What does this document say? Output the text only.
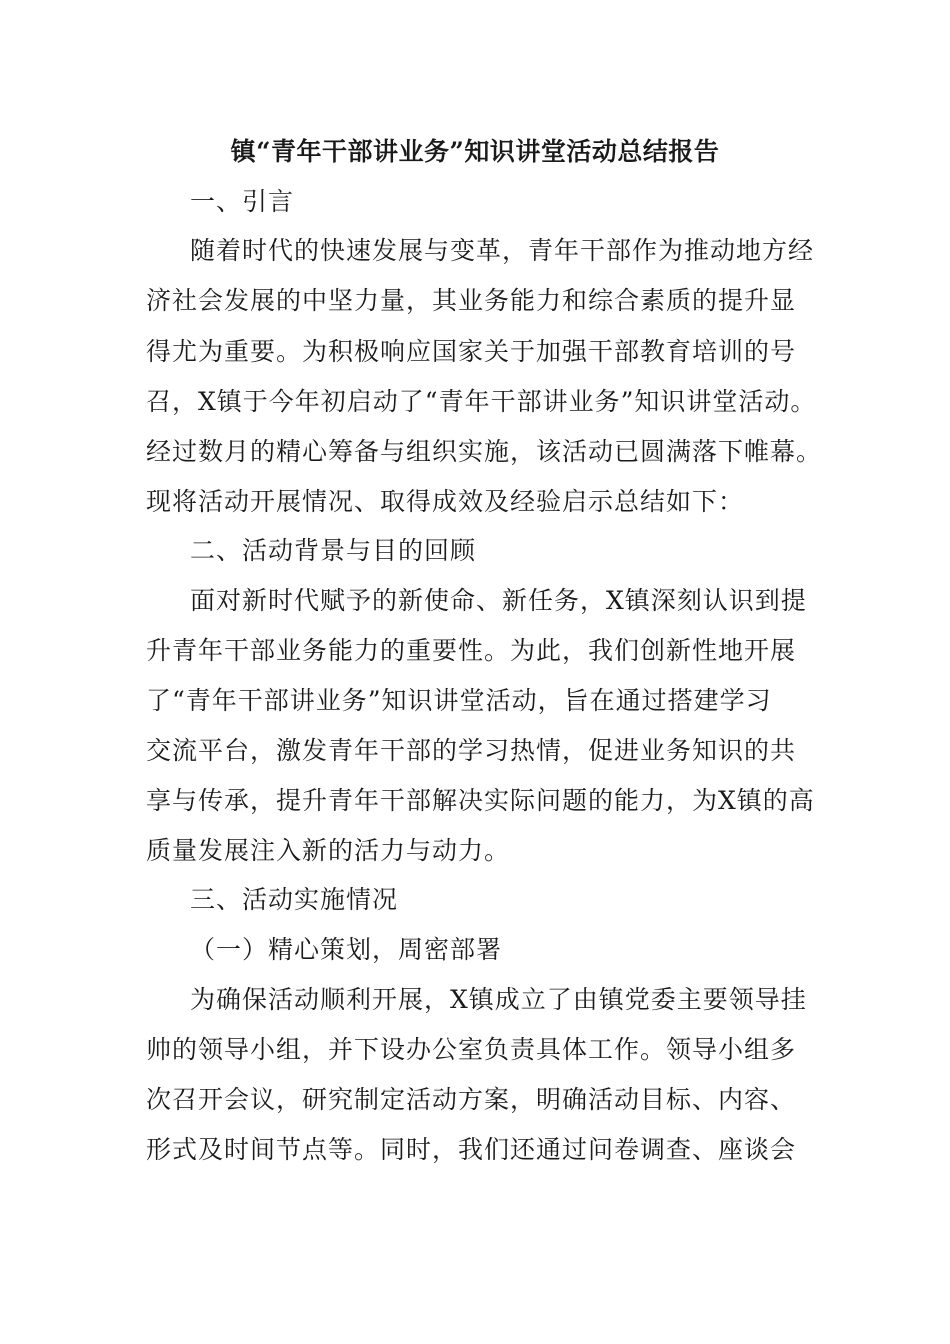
镇“青年干部讲业务”知识讲堂活动总结报告
一、引言
随着时代的快速发展与变革，青年干部作为推动地方经
济社会发展的中坚力量，其业务能力和综合素质的提升显
得尤为重要。为积极响应国家关于加强干部教育培训的号
召，X镇于今年初启动了“青年干部讲业务”知识讲堂活动。
经过数月的精心筹备与组织实施，该活动已圆满落下帷幕。
现将活动开展情况、取得成效及经验启示总结如下：
二、活动背景与目的回顾
面对新时代赋予的新使命、新任务，X镇深刻认识到提
升青年干部业务能力的重要性。为此，我们创新性地开展
了“青年干部讲业务”知识讲堂活动，旨在通过搭建学习
交流平台，激发青年干部的学习热情，促进业务知识的共
享与传承，提升青年干部解决实际问题的能力，为X镇的高
质量发展注入新的活力与动力。
三、活动实施情况
（一）精心策划，周密部署
为确保活动顺利开展，X镇成立了由镇党委主要领导挂
帅的领导小组，并下设办公室负责具体工作。领导小组多
次召开会议，研究制定活动方案，明确活动目标、内容、
形式及时间节点等。同时，我们还通过问卷调查、座谈会
